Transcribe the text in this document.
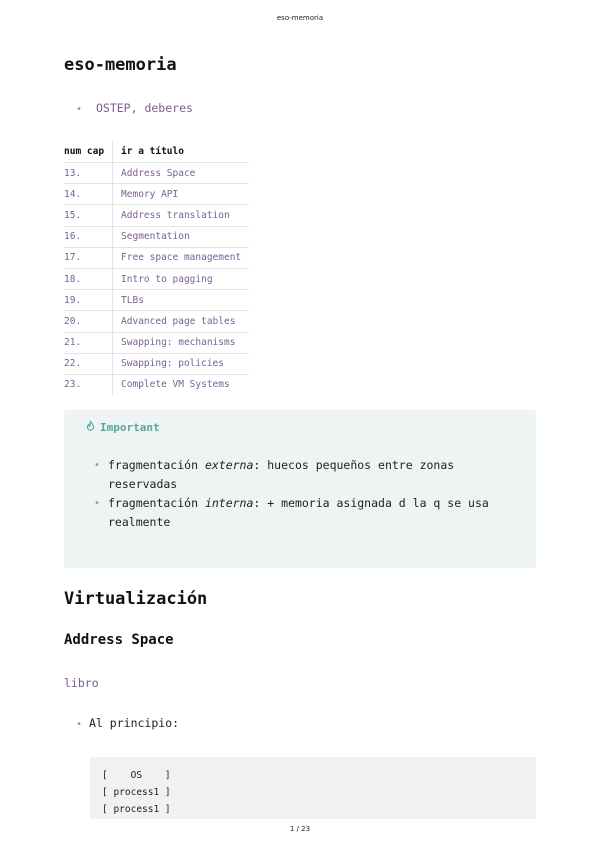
eso-memoria
eso-memoria
• OSTEP, deberes
num cap	ir a título
13.	Address Space
14.	Memory API
15.	Address translation
16.	Segmentation
17.	Free space management
18.	Intro to pagging
19.	TLBs
20.	Advanced page tables
21.	Swapping: mechanisms
22.	Swapping: policies
23.	Complete VM Systems
Important
• fragmentación externa: huecos pequeños entre zonas reservadas
• fragmentación interna: + memoria asignada d la q se usa realmente
Virtualización
Address Space
libro
• Al principio:
[    OS    ]
[ process1 ]
[ process1 ]
1 / 23
